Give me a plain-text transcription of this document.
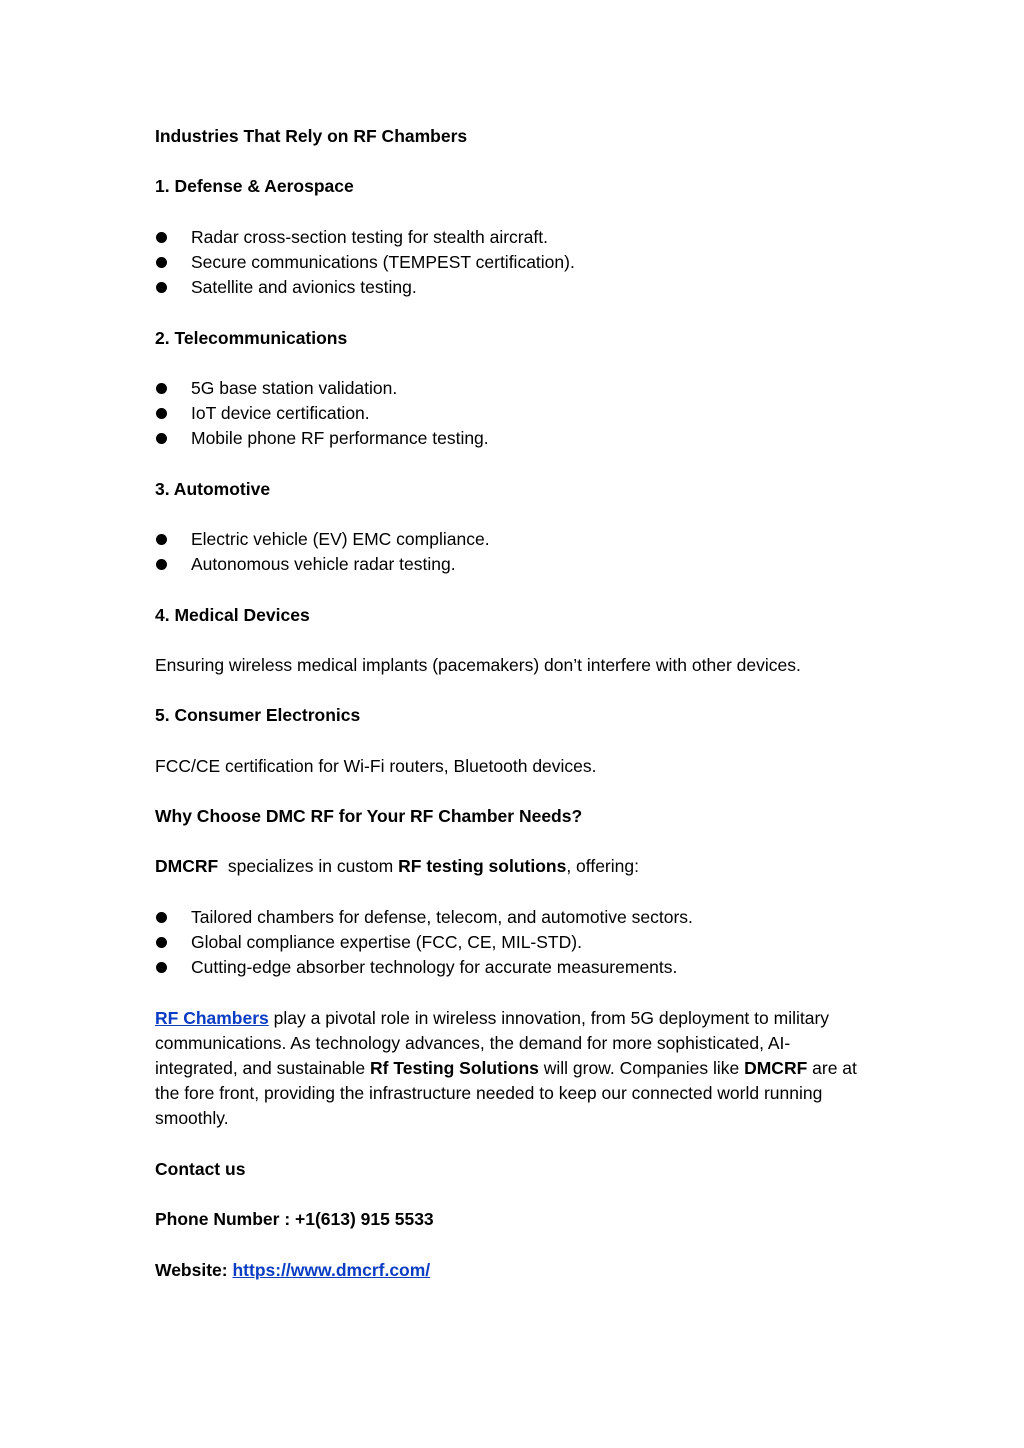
Industries That Rely on RF Chambers
1. Defense & Aerospace
Radar cross-section testing for stealth aircraft.
Secure communications (TEMPEST certification).
Satellite and avionics testing.
2. Telecommunications
5G base station validation.
IoT device certification.
Mobile phone RF performance testing.
3. Automotive
Electric vehicle (EV) EMC compliance.
Autonomous vehicle radar testing.
4. Medical Devices
Ensuring wireless medical implants (pacemakers) don’t interfere with other devices.
5. Consumer Electronics
FCC/CE certification for Wi-Fi routers, Bluetooth devices.
Why Choose DMC RF for Your RF Chamber Needs?
DMCRF  specializes in custom RF testing solutions, offering:
Tailored chambers for defense, telecom, and automotive sectors.
Global compliance expertise (FCC, CE, MIL-STD).
Cutting-edge absorber technology for accurate measurements.
RF Chambers play a pivotal role in wireless innovation, from 5G deployment to military communications. As technology advances, the demand for more sophisticated, AI-integrated, and sustainable Rf Testing Solutions will grow. Companies like DMCRF are at the fore front, providing the infrastructure needed to keep our connected world running smoothly.
Contact us
Phone Number : +1(613) 915 5533
Website: https://www.dmcrf.com/
